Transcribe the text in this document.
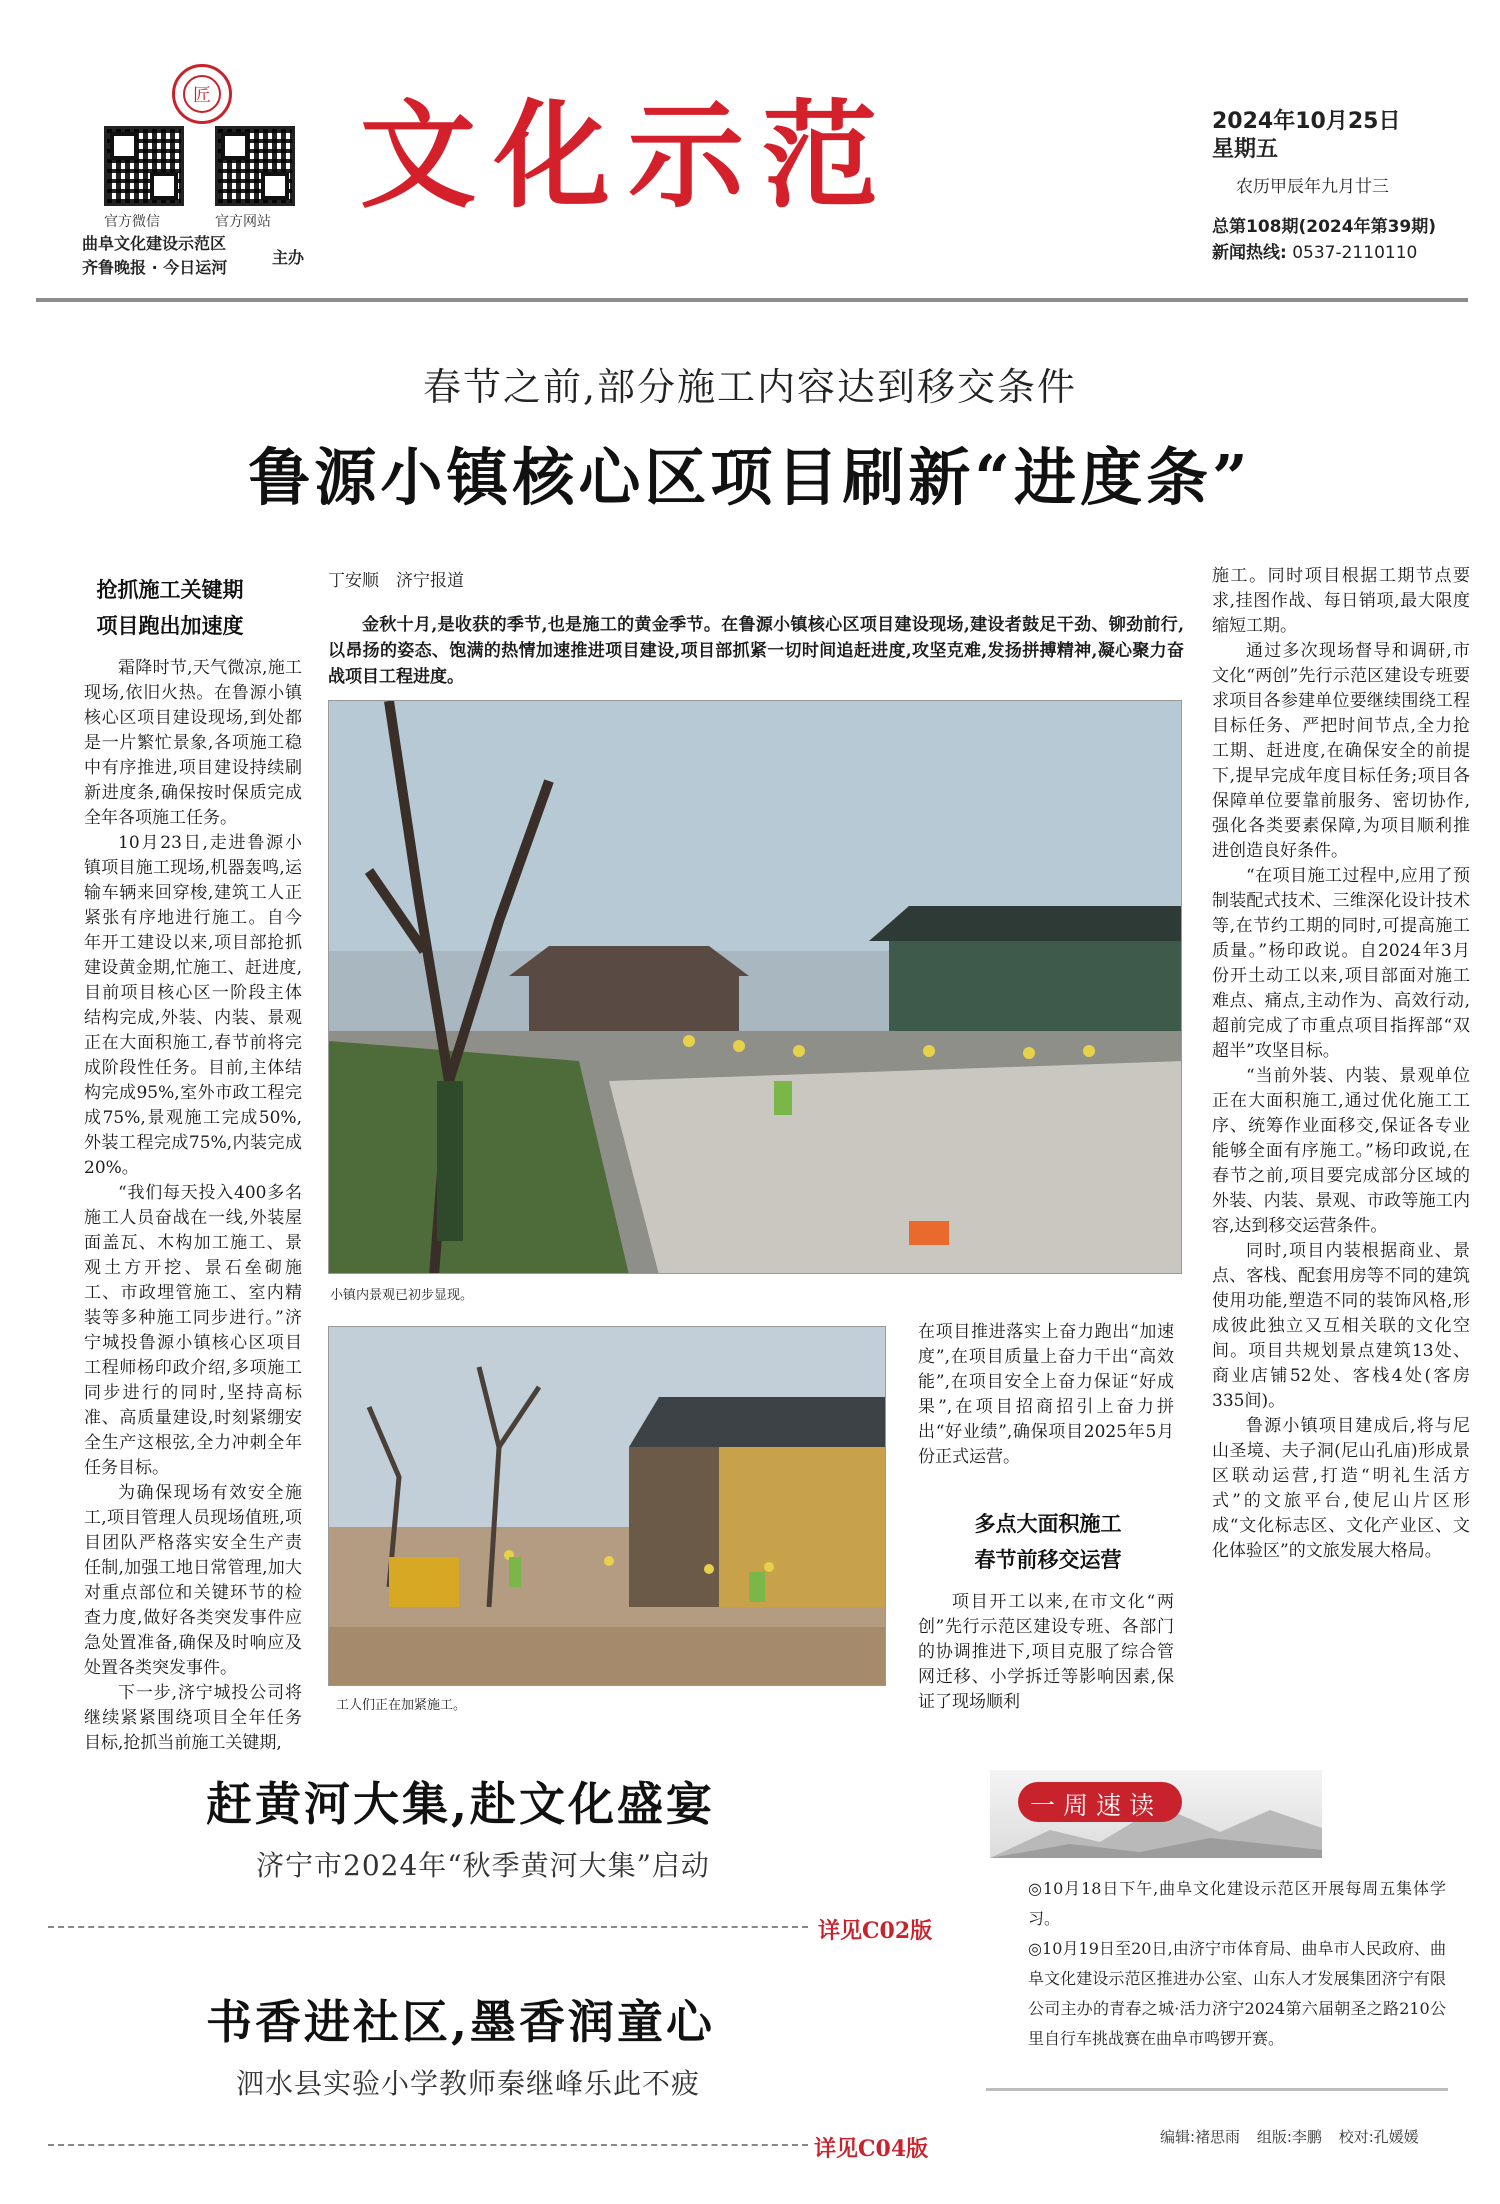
匠
官方微信	官方网站
曲阜文化建设示范区
齐鲁晚报 · 今日运河
主办
文化示范	2024年10月25日
星期五
农历甲辰年九月廿三
总第108期(2024年第39期)
新闻热线: 0537-2110110
春节之前,部分施工内容达到移交条件
鲁源小镇核心区项目刷新“进度条”
抢抓施工关键期
项目跑出加速度

霜降时节,天气微凉,施工现场,依旧火热。在鲁源小镇核心区项目建设现场,到处都是一片繁忙景象,各项施工稳中有序推进,项目建设持续刷新进度条,确保按时保质完成全年各项施工任务。

10月23日,走进鲁源小镇项目施工现场,机器轰鸣,运输车辆来回穿梭,建筑工人正紧张有序地进行施工。自今年开工建设以来,项目部抢抓建设黄金期,忙施工、赶进度,目前项目核心区一阶段主体结构完成,外装、内装、景观正在大面积施工,春节前将完成阶段性任务。目前,主体结构完成95%,室外市政工程完成75%,景观施工完成50%,外装工程完成75%,内装完成20%。

“我们每天投入400多名施工人员奋战在一线,外装屋面盖瓦、木构加工施工、景观土方开挖、景石垒砌施工、市政埋管施工、室内精装等多种施工同步进行。”济宁城投鲁源小镇核心区项目工程师杨印政介绍,多项施工同步进行的同时,坚持高标准、高质量建设,时刻紧绷安全生产这根弦,全力冲刺全年任务目标。

为确保现场有效安全施工,项目管理人员现场值班,项目团队严格落实安全生产责任制,加强工地日常管理,加大对重点部位和关键环节的检查力度,做好各类突发事件应急处置准备,确保及时响应及处置各类突发事件。

下一步,济宁城投公司将继续紧紧围绕项目全年任务目标,抢抓当前施工关键期,

丁安顺　济宁报道
金秋十月,是收获的季节,也是施工的黄金季节。在鲁源小镇核心区项目建设现场,建设者鼓足干劲、铆劲前行,以昂扬的姿态、饱满的热情加速推进项目建设,项目部抓紧一切时间追赶进度,攻坚克难,发扬拼搏精神,凝心聚力奋战项目工程进度。
小镇内景观已初步显现。
工人们正在加紧施工。

在项目推进落实上奋力跑出“加速度”,在项目质量上奋力干出“高效能”,在项目安全上奋力保证“好成果”,在项目招商招引上奋力拼出“好业绩”,确保项目2025年5月份正式运营。

多点大面积施工
春节前移交运营

项目开工以来,在市文化“两创”先行示范区建设专班、各部门的协调推进下,项目克服了综合管网迁移、小学拆迁等影响因素,保证了现场顺利

施工。同时项目根据工期节点要求,挂图作战、每日销项,最大限度缩短工期。

通过多次现场督导和调研,市文化“两创”先行示范区建设专班要求项目各参建单位要继续围绕工程目标任务、严把时间节点,全力抢工期、赶进度,在确保安全的前提下,提早完成年度目标任务;项目各保障单位要靠前服务、密切协作,强化各类要素保障,为项目顺利推进创造良好条件。

“在项目施工过程中,应用了预制装配式技术、三维深化设计技术等,在节约工期的同时,可提高施工质量。”杨印政说。自2024年3月份开土动工以来,项目部面对施工难点、痛点,主动作为、高效行动,超前完成了市重点项目指挥部“双超半”攻坚目标。

“当前外装、内装、景观单位正在大面积施工,通过优化施工工序、统筹作业面移交,保证各专业能够全面有序施工。”杨印政说,在春节之前,项目要完成部分区域的外装、内装、景观、市政等施工内容,达到移交运营条件。

同时,项目内装根据商业、景点、客栈、配套用房等不同的建筑使用功能,塑造不同的装饰风格,形成彼此独立又互相关联的文化空间。项目共规划景点建筑13处、商业店铺52处、客栈4处(客房335间)。

鲁源小镇项目建成后,将与尼山圣境、夫子洞(尼山孔庙)形成景区联动运营,打造“明礼生活方式”的文旅平台,使尼山片区形成“文化标志区、文化产业区、文化体验区”的文旅发展大格局。

赶黄河大集,赴文化盛宴
济宁市2024年“秋季黄河大集”启动
详见C02版
书香进社区,墨香润童心
泗水县实验小学教师秦继峰乐此不疲
详见C04版
一周速读
◎10月18日下午,曲阜文化建设示范区开展每周五集体学习。
◎10月19日至20日,由济宁市体育局、曲阜市人民政府、曲阜文化建设示范区推进办公室、山东人才发展集团济宁有限公司主办的青春之城·活力济宁2024第六届朝圣之路210公里自行车挑战赛在曲阜市鸣锣开赛。
编辑:褚思雨 组版:李鹏 校对:孔媛媛
